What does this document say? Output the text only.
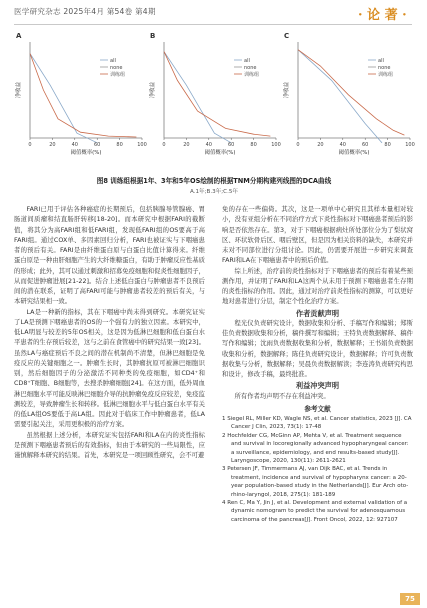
医学研究杂志 2025年4月 第54卷 第4期	· 论 著 ·
A
0	20	40	60	80	100
阈值概率(%)
净收益
all
none
训练组
B
0	20	40	60	80	100
阈值概率(%)
净收益
all
none
训练组
C
0	20	40	60	80	100
阈值概率(%)
净收益
all
none
训练组
图8 训练组根据1年、3年和5年OS绘制的根据TNM分期构建列线图的DCA曲线
A.1年;B.3年;C.5年

FARI已用于评估各种癌症的长期预后，包括胰腺导管腺癌、胃肠道间质瘤和结直肠肝转移[18-20]。而本研究中根据FARI的截断值，将其分为高FARI组和低FARI组，发现低FARI组的OS要高于高FARI组。通过COX单、多因素回归分析，FARI也被证实与下咽癌患者的预后有关。FARI是由纤维蛋白原与白蛋白比值计算得来。纤维蛋白原是一种由肝细胞产生的大纤维糖蛋白，有助于肿瘤反应性基质的形成；此外，其可以通过刺激和招募免疫细胞和促炎性细胞因子，从而促进肿瘤进展[21-22]。结合上述低白蛋白与肿瘤患者不良预后间的潜在联系，证明了高FARI可能与肿瘤患者较差的预后有关，与本研究结果相一致。

LA是一种新的指标，其在下咽癌中尚未得到研究。本研究证实了LA是预测下咽癌患者的OS的一个强有力的独立因素。本研究中，低LA明显与较差的5年OS相关，这是因为低淋巴细胞和低白蛋白水平患者的生存预后较差，这与之前在食管癌中的研究结果一致[23]。虽然LA与癌症预后不良之间的潜在机制尚不清楚，但淋巴细胞是免疫反应的关键细胞之一。肿瘤生长时，其肿瘤抗原可被淋巴细胞识别，然后细胞因子的分泌激活不同种类的免疫细胞，如CD4⁺和CD8⁺T细胞、B细胞等，去搜杀肿瘤细胞[24]。在这方面，低外周血淋巴细胞水平可能反映淋巴细胞介导的抗肿瘤免疫反应较差，免疫监测较差，导致肿瘤生长和转移。低淋巴细胞水平与低白蛋白水平有关的低LA组OS要低于高LA组。因此对于临床工作中肿瘤患者，低LA需要引起关注，采用更积极的治疗方案。

虽然根据上述分析，本研究证实包括FARI和LA在内的炎性指标是预测下咽癌患者预后的有效指标，但由于本研究的一些局限性，应谨慎解释本研究的结果。首先，本研究是一项回顾性研究，会不可避

免的存在一些偏倚。其次，这是一项单中心研究且其样本量相对较小，没有亚组分析在不同治疗方式下炎性指标对下咽癌患者预后的影响是否依然存在。第3，对于下咽癌根据病灶所处部位分为了梨状窝区、环状软骨后区、咽后壁区，但是因为相关资料的缺失，本研究并未对不同部位进行分组讨论。因此，仍需要开展进一步研究来调查FARI和LA在下咽癌患者中的预后价值。

综上所述，治疗前的炎性指标对于下咽癌患者的预后有着某些预测作用，并证明了FARI和LA这两个从未用于预测下咽癌患者生存期的炎性指标的作用。因此，通过对治疗前炎性指标的测算，可以更好地对患者进行分层，制定个性化治疗方案。

作者贡献声明

程光仪负责研究设计，数据收集和分析、手稿写作和编辑；郑斯佳负责数据收集和分析，稿件撰写和编辑；王特负责数据解释、稿件写作和编辑；沈雨负责数据收集和分析，数据解释；王书娟负责数据收集和分析，数据解释；陈佳负责研究设计，数据解释；许可负责数据收集与分析，数据解释；吴晨负责数据解读；李连涛负责研究构思和设计，修改手稿，最终批准。

利益冲突声明

所有作者均声明不存在利益冲突。

参考文献

1 Siegel RL, Miller KD, Wagle NS, et al. Cancer statistics, 2023 [J]. CA Cancer J Clin, 2023, 73(1): 17-48

2 Hochfelder CG, McGinn AP, Mehta V, et al. Treatment sequence and survival in locoregionally advanced hypopharyngeal cancer: a surveillance, epidemiology, and end results-based study[J]. Laryngoscope, 2020, 130(11): 2611-2621

3 Petersen JF, Timmermans AJ, van Dijk BAC, et al. Trends in treatment, incidence and survival of hypopharynx cancer: a 20-year population-based study in the Netherlands[J]. Eur Arch oto-rhino-laryngol, 2018, 275(1): 181-189

4 Ren C, Ma Y, Jin J, et al. Development and external validation of a dynamic nomogram to predict the survival for adenosquamous carcinoma of the pancreas[J]. Front Oncol, 2022, 12: 927107

75
